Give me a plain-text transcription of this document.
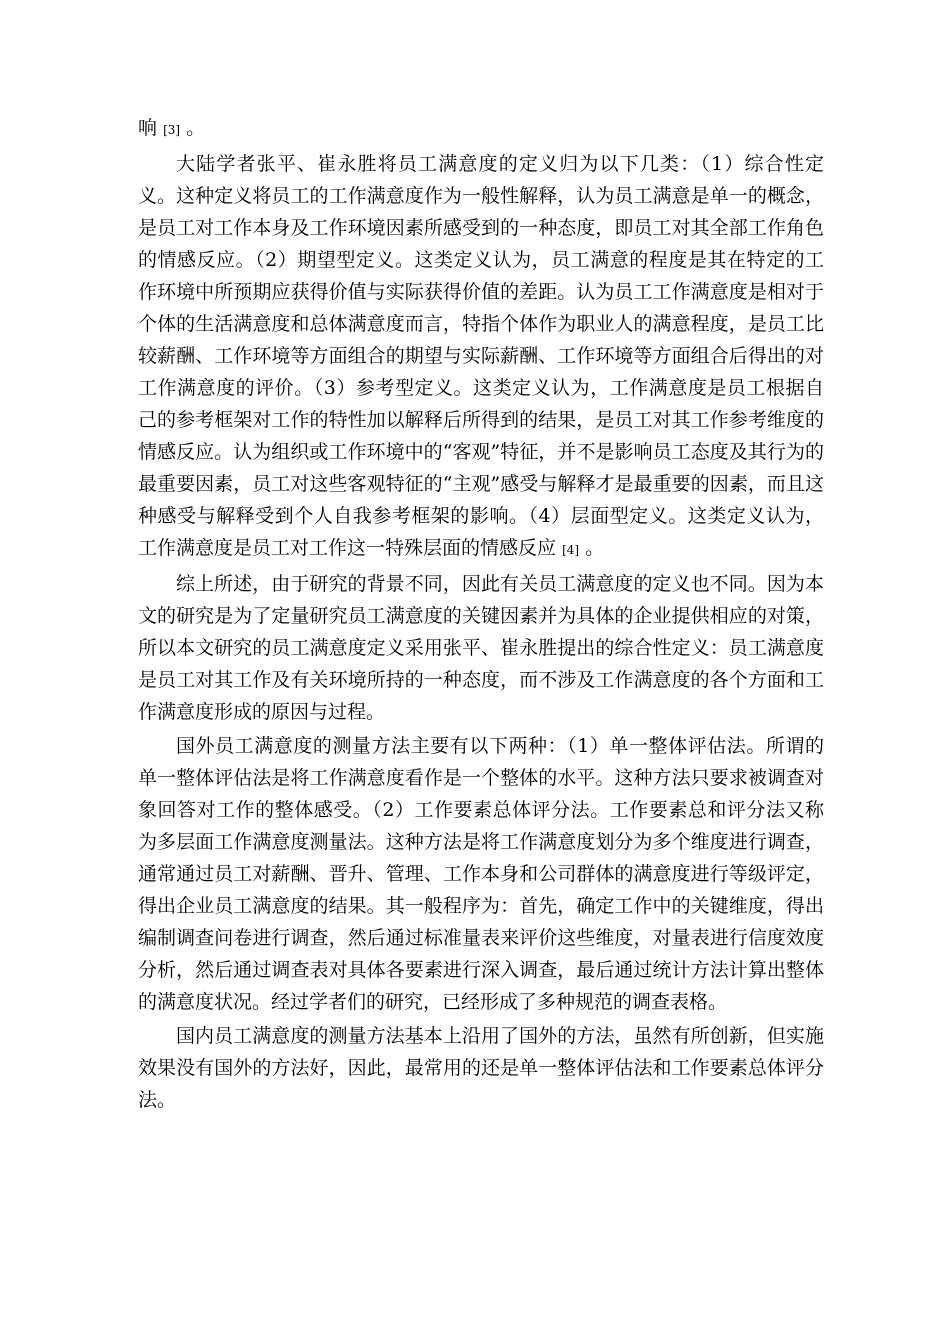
响 [3] 。

大陆学者张平、崔永胜将员工满意度的定义归为以下几类：（1）综合性定义。这种定义将员工的工作满意度作为一般性解释，认为员工满意是单一的概念，是员工对工作本身及工作环境因素所感受到的一种态度，即员工对其全部工作角色的情感反应。（2）期望型定义。这类定义认为，员工满意的程度是其在特定的工作环境中所预期应获得价值与实际获得价值的差距。认为员工工作满意度是相对于个体的生活满意度和总体满意度而言，特指个体作为职业人的满意程度，是员工比较薪酬、工作环境等方面组合的期望与实际薪酬、工作环境等方面组合后得出的对工作满意度的评价。（3）参考型定义。这类定义认为，工作满意度是员工根据自己的参考框架对工作的特性加以解释后所得到的结果，是员工对其工作参考维度的情感反应。认为组织或工作环境中的“客观”特征，并不是影响员工态度及其行为的最重要因素，员工对这些客观特征的“主观”感受与解释才是最重要的因素，而且这种感受与解释受到个人自我参考框架的影响。（4）层面型定义。这类定义认为，工作满意度是员工对工作这一特殊层面的情感反应 [4] 。

综上所述，由于研究的背景不同，因此有关员工满意度的定义也不同。因为本文的研究是为了定量研究员工满意度的关键因素并为具体的企业提供相应的对策，所以本文研究的员工满意度定义采用张平、崔永胜提出的综合性定义：员工满意度是员工对其工作及有关环境所持的一种态度，而不涉及工作满意度的各个方面和工作满意度形成的原因与过程。

国外员工满意度的测量方法主要有以下两种：（1）单一整体评估法。所谓的单一整体评估法是将工作满意度看作是一个整体的水平。这种方法只要求被调查对象回答对工作的整体感受。（2）工作要素总体评分法。工作要素总和评分法又称为多层面工作满意度测量法。这种方法是将工作满意度划分为多个维度进行调查，通常通过员工对薪酬、晋升、管理、工作本身和公司群体的满意度进行等级评定，得出企业员工满意度的结果。其一般程序为：首先，确定工作中的关键维度，得出编制调查问卷进行调查，然后通过标准量表来评价这些维度，对量表进行信度效度分析，然后通过调查表对具体各要素进行深入调查，最后通过统计方法计算出整体的满意度状况。经过学者们的研究，已经形成了多种规范的调查表格。

国内员工满意度的测量方法基本上沿用了国外的方法，虽然有所创新，但实施效果没有国外的方法好，因此，最常用的还是单一整体评估法和工作要素总体评分法。
